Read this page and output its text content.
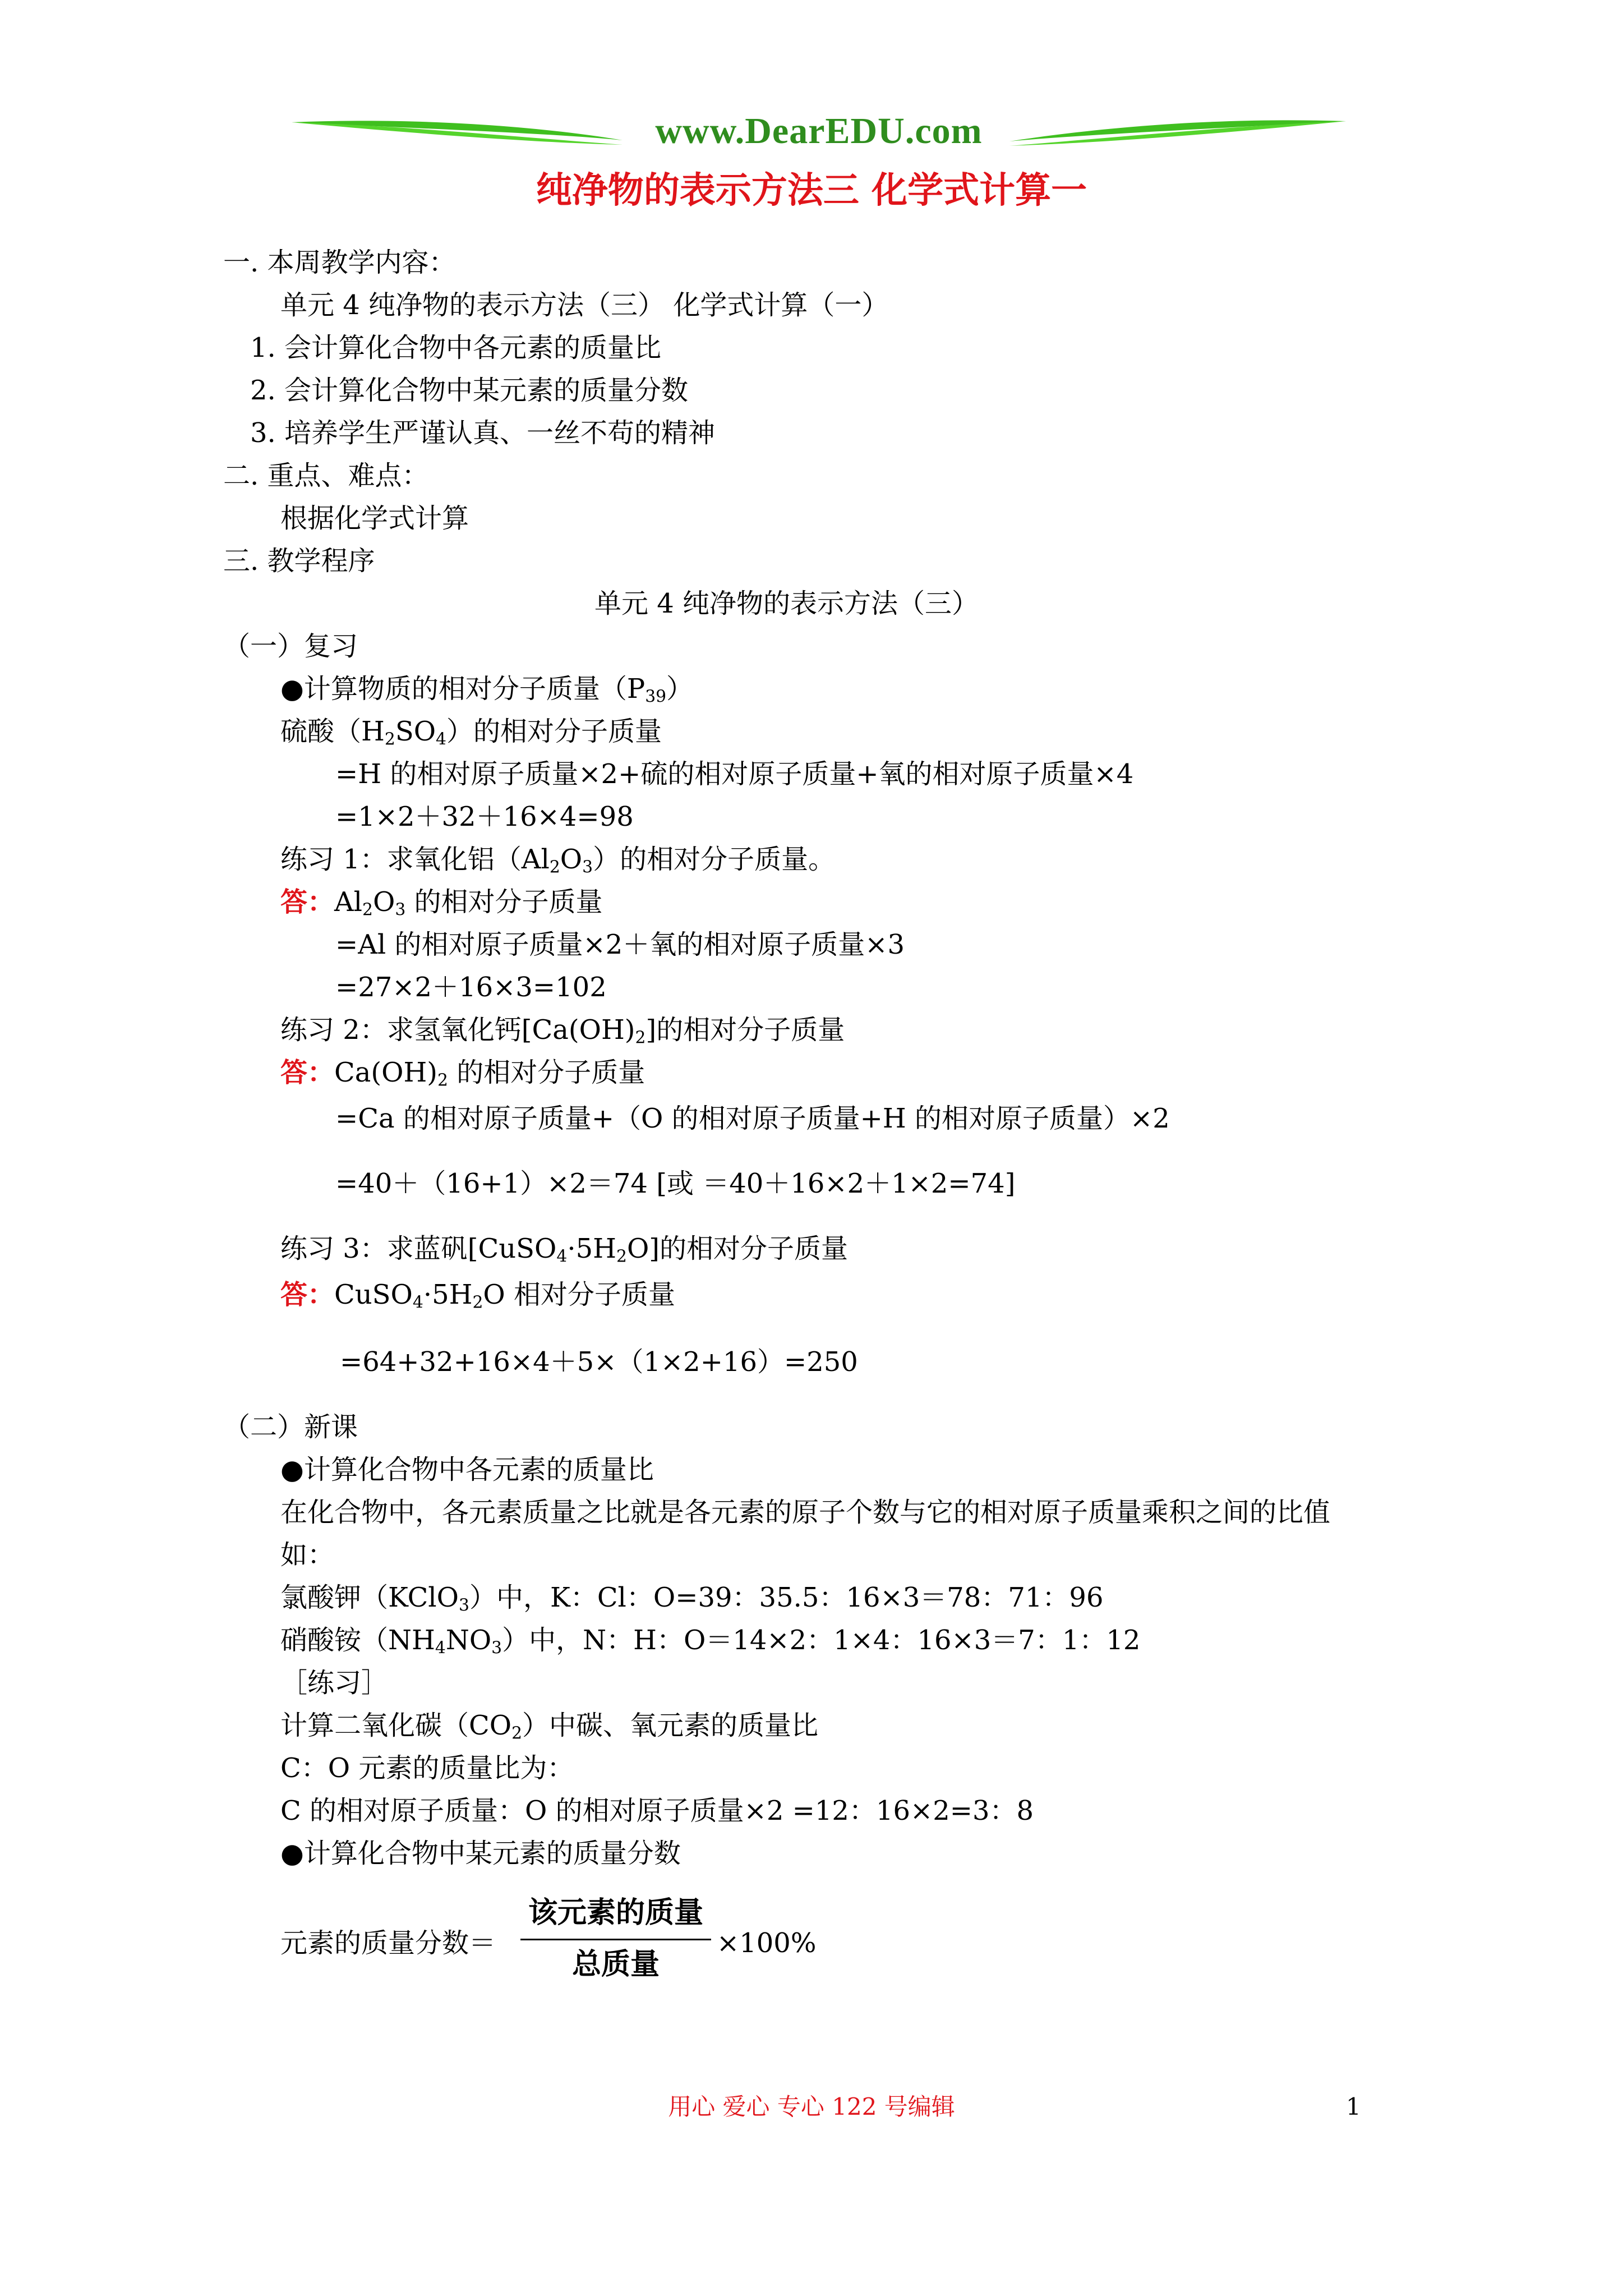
www.DearEDU.com
纯净物的表示方法三 化学式计算一
一. 本周教学内容：
单元 4 纯净物的表示方法（三） 化学式计算（一）
1. 会计算化合物中各元素的质量比
2. 会计算化合物中某元素的质量分数
3. 培养学生严谨认真、一丝不苟的精神
二. 重点、难点：
根据化学式计算
三. 教学程序
单元 4 纯净物的表示方法（三）
（一）复习
●计算物质的相对分子质量$(P_{39})$
硫酸$(H_2SO_4)$的相对分子质量
=H 的相对原子质量×2+硫的相对原子质量+氧的相对原子质量×4
=1×2＋32＋16×4=98
练习 1：求氧化铝$(Al_2O_3)$的相对分子质量。
答：$Al_2O_3$ 的相对分子质量
=Al 的相对原子质量×2＋氧的相对原子质量×3
=27×2＋16×3=102
练习 2：求氢氧化钙$[Ca(OH)_2]$的相对分子质量
答：$Ca(OH)_2$ 的相对分子质量
=Ca 的相对原子质量+（O 的相对原子质量+H 的相对原子质量）×2
=40＋（16+1）×2＝74 [或 ＝40＋16×2＋1×2=74]
练习 3：求蓝矾$[CuSO_4\cdot 5H_2O]$的相对分子质量
答：$CuSO_4\cdot 5H_2O$ 相对分子质量
=64+32+16×4＋5×（1×2+16）=250
（二）新课
●计算化合物中各元素的质量比
在化合物中，各元素质量之比就是各元素的原子个数与它的相对原子质量乘积之间的比值
如：
氯酸钾（KClO$_3$）中，K：Cl：O=39：35.5：16×3＝78：71：96
硝酸铵$(NH_4NO_3)$中，N：H：O＝14×2：1×4：16×3＝7：1：12
［练习］
计算二氧化碳$(CO_2)$中碳、氧元素的质量比
C：O 元素的质量比为：
C 的相对原子质量：O 的相对原子质量×2 =12：16×2=3：8
●计算化合物中某元素的质量分数
元素的质量分数＝
该元素的质量
总质量
×100%
用心 爱心 专心 122 号编辑	1
